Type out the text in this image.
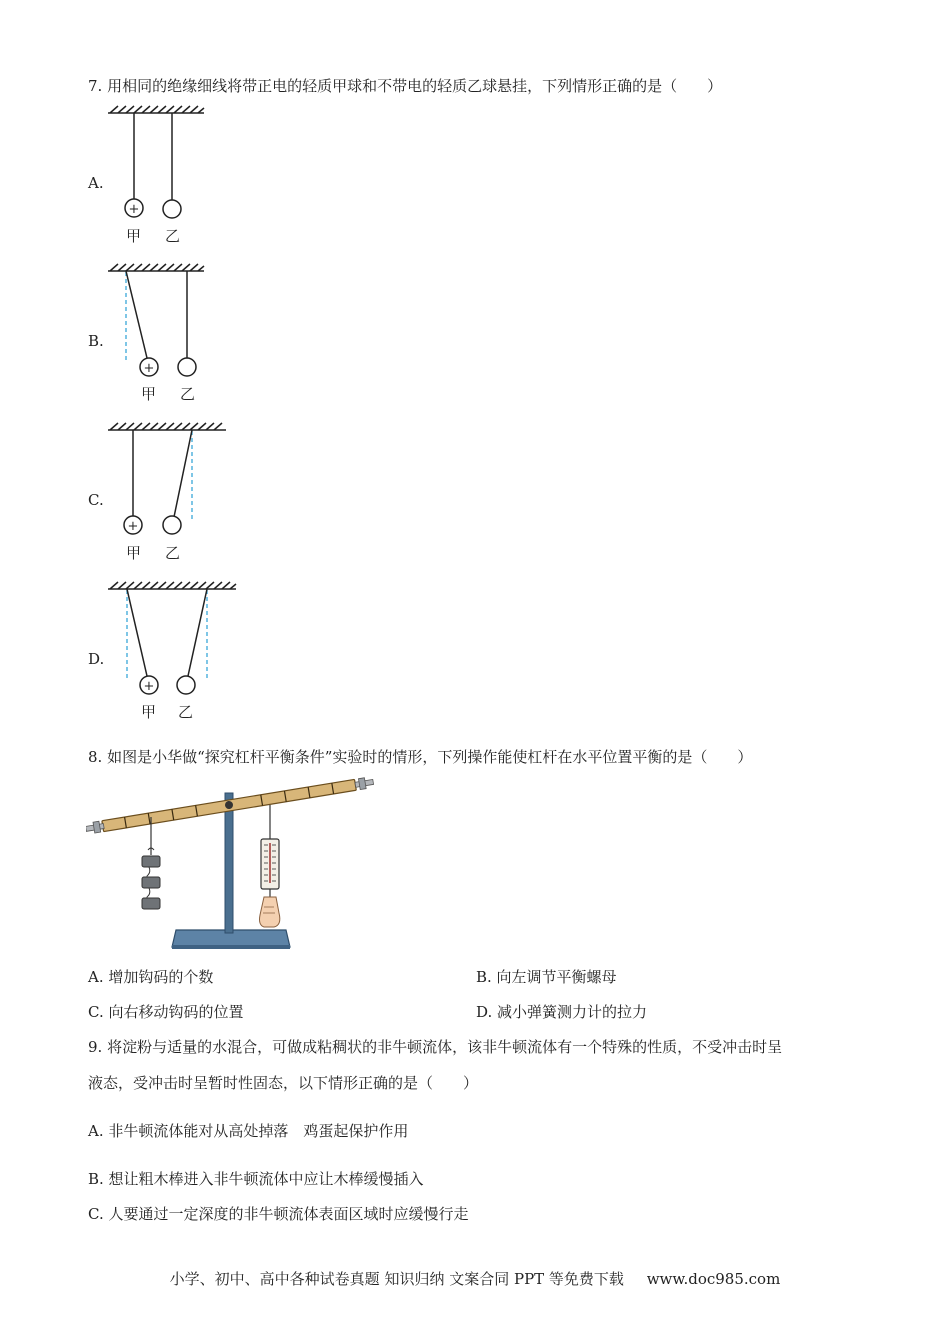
7. 用相同的绝缘细线将带正电的轻质甲球和不带电的轻质乙球悬挂，下列情形正确的是（　　）
A.
+
甲 乙
B.
+
甲 乙
C.
+
甲 乙
D.
+
甲 乙
8. 如图是小华做“探究杠杆平衡条件”实验时的情形，下列操作能使杠杆在水平位置平衡的是（　　）
A. 增加钩码的个数	B. 向左调节平衡螺母
C. 向右移动钩码的位置	D. 减小弹簧测力计的拉力
9. 将淀粉与适量的水混合，可做成粘稠状的非牛顿流体，该非牛顿流体有一个特殊的性质，不受冲击时呈
液态，受冲击时呈暂时性固态，以下情形正确的是（　　）
A. 非牛顿流体能对从高处掉落　鸡蛋起保护作用
B. 想让粗木棒进入非牛顿流体中应让木棒缓慢插入
C. 人要通过一定深度的非牛顿流体表面区域时应缓慢行走
小学、初中、高中各种试卷真题 知识归纳 文案合同 PPT 等免费下载 www.doc985.com
